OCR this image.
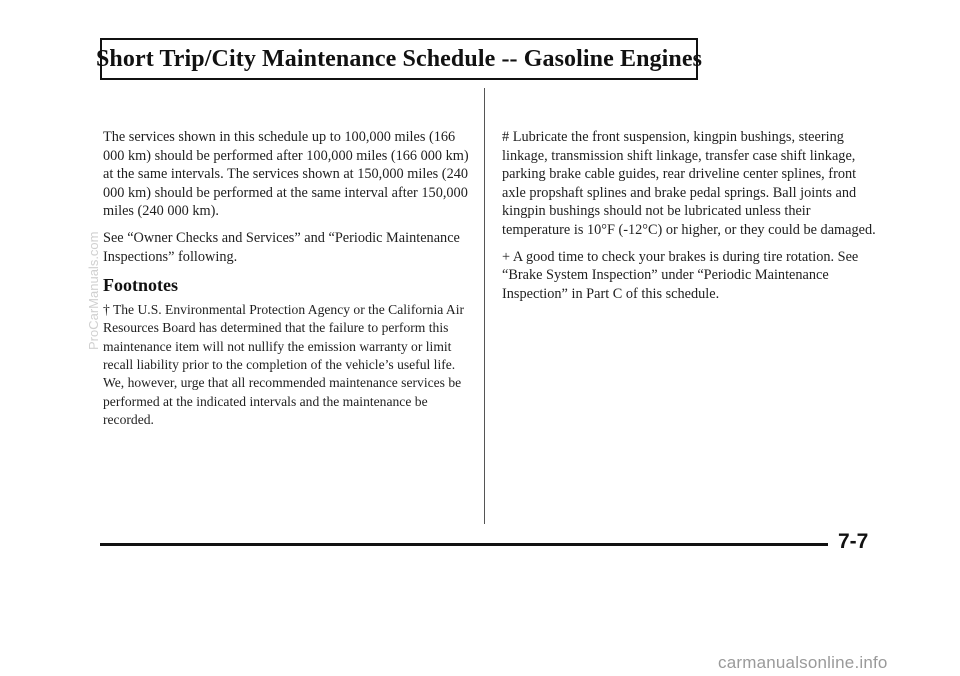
Short Trip/City Maintenance Schedule -- Gasoline Engines

The services shown in this schedule up to 100,000 miles (166 000 km) should be performed after 100,000 miles (166 000 km) at the same intervals. The services shown at 150,000 miles (240 000 km) should be performed at the same interval after 150,000 miles (240 000 km).

See “Owner Checks and Services” and “Periodic Maintenance Inspections” following.

Footnotes

† The U.S. Environmental Protection Agency or the California Air Resources Board has determined that the failure to perform this maintenance item will not nullify the emission warranty or limit recall liability prior to the completion of the vehicle’s useful life. We, however, urge that all recommended maintenance services be performed at the indicated intervals and the maintenance be recorded.

# Lubricate the front suspension, kingpin bushings, steering linkage, transmission shift linkage, transfer case shift linkage, parking brake cable guides, rear driveline center splines, front axle propshaft splines and brake pedal springs. Ball joints and kingpin bushings should not be lubricated unless their temperature is 10°F (-12°C) or higher, or they could be damaged.

+ A good time to check your brakes is during tire rotation. See “Brake System Inspection” under “Periodic Maintenance Inspection” in Part C of this schedule.

7-7
ProCarManuals.com
carmanualsonline.info
